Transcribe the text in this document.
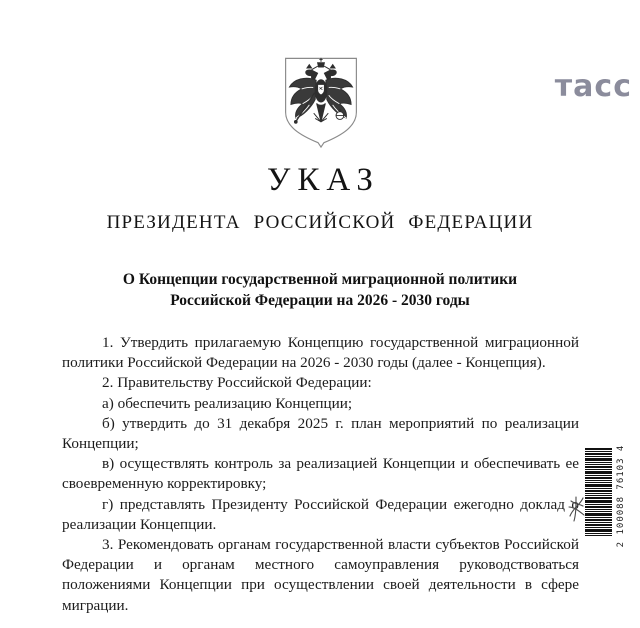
тасс
УКАЗ
ПРЕЗИДЕНТА РОССИЙСКОЙ ФЕДЕРАЦИИ
О Концепции государственной миграционной политики
Российской Федерации на 2026 - 2030 годы

1. Утвердить прилагаемую Концепцию государственной миграционной политики Российской Федерации на 2026 - 2030 годы (далее - Концепция).

2. Правительству Российской Федерации:

а) обеспечить реализацию Концепции;

б) утвердить до 31 декабря 2025 г. план мероприятий по реализации Концепции;

в) осуществлять контроль за реализацией Концепции и обеспечивать ее своевременную корректировку;

г) представлять Президенту Российской Федерации ежегодно доклад о реализации Концепции.

3. Рекомендовать органам государственной власти субъектов Российской Федерации и органам местного самоуправления руководствоваться положениями Концепции при осуществлении своей деятельности в сфере миграции.

2 100088 76103 4
